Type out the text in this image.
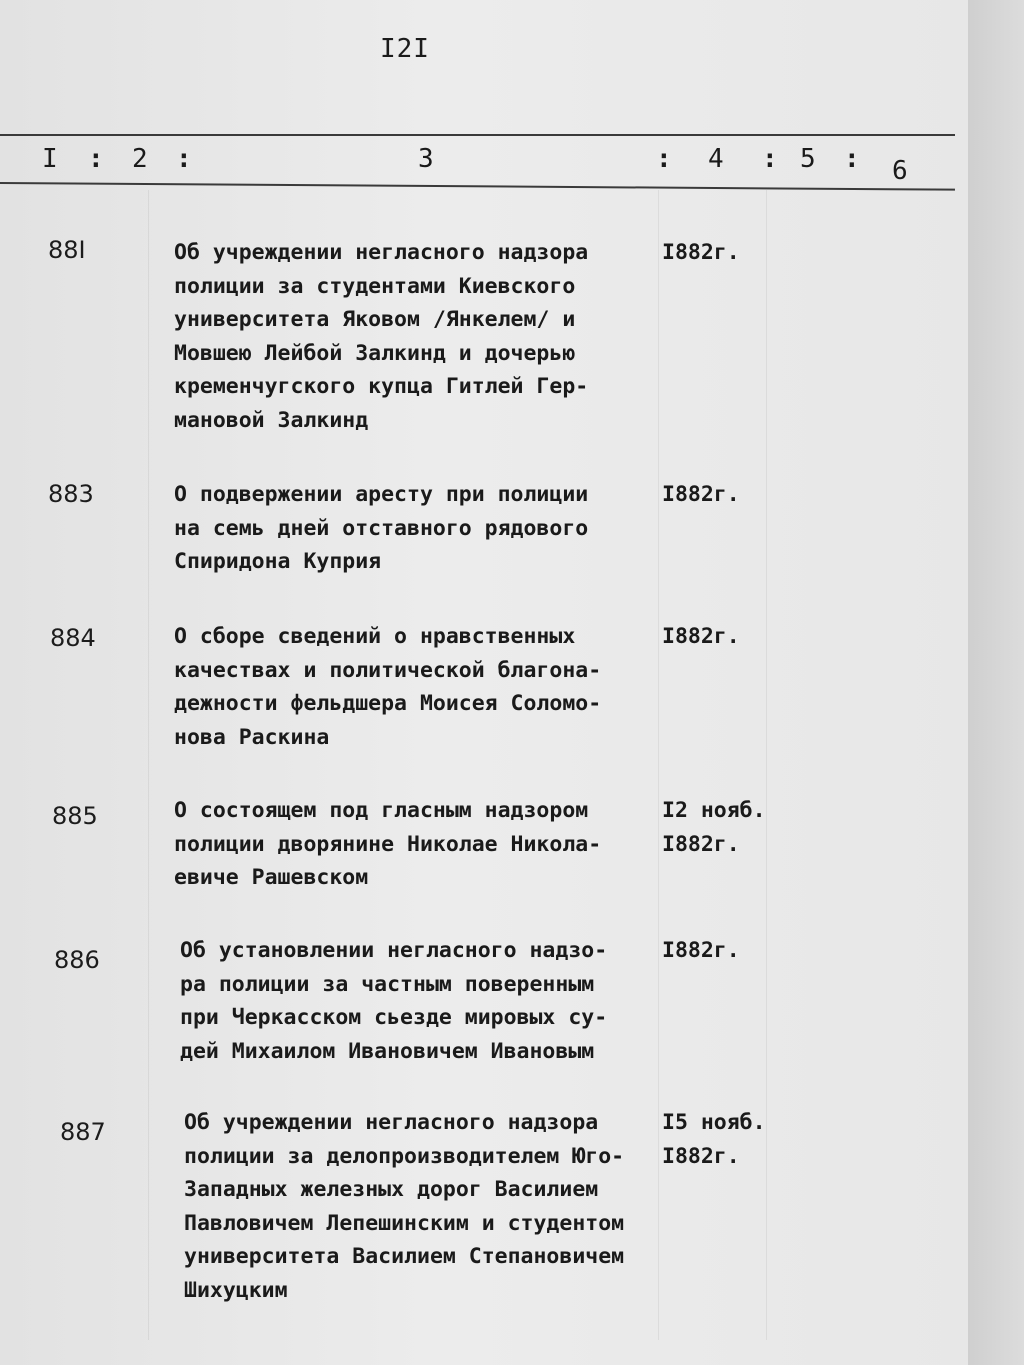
I2I
I : 2 :	3	: 4 : 5 : 6
88I	Об учреждении негласного надзора
полиции за студентами Киевского
университета Яковом /Янкелем/ и
Мовшею Лейбой Залкинд и дочерью
кременчугского купца Гитлей Гер-
мановой Залкинд
I882г.
883	О подвержении аресту при полиции
на семь дней отставного рядового
Спиридона Куприя
I882г.
884	О сборе сведений о нравственных
качествах и политической благона-
дежности фельдшера Моисея Соломо-
нова Раскина
I882г.
885	О состоящем под гласным надзором
полиции дворянине Николае Никола-
евиче Рашевском
I2 нояб.
I882г.
886	Об установлении негласного надзо-
ра полиции за частным поверенным
при Черкасском сьезде мировых су-
дей Михаилом Ивановичем Ивановым
I882г.
887	Об учреждении негласного надзора
полиции за делопроизводителем Юго-
Западных железных дорог Василием
Павловичем Лепешинским и студентом
университета Василием Степановичем
Шихуцким
I5 нояб.
I882г.
